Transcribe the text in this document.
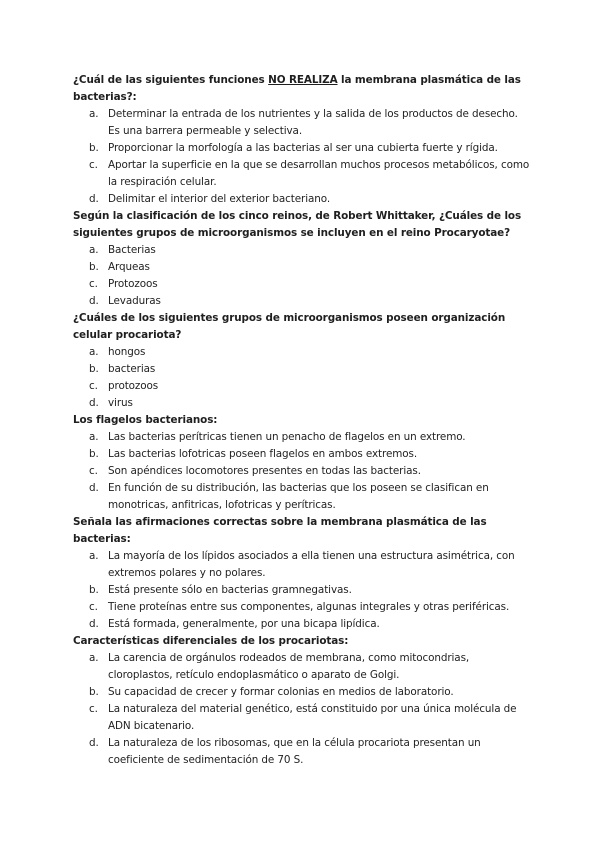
¿Cuál de las siguientes funciones NO REALIZA la membrana plasmática de las bacterias?:
a. Determinar la entrada de los nutrientes y la salida de los productos de desecho. Es una barrera permeable y selectiva.
b. Proporcionar la morfología a las bacterias al ser una cubierta fuerte y rígida.
c. Aportar la superficie en la que se desarrollan muchos procesos metabólicos, como la respiración celular.
d. Delimitar el interior del exterior bacteriano.
Según la clasificación de los cinco reinos, de Robert Whittaker, ¿Cuáles de los siguientes grupos de microorganismos se incluyen en el reino Procaryotae?
a. Bacterias
b. Arqueas
c. Protozoos
d. Levaduras
¿Cuáles de los siguientes grupos de microorganismos poseen organización celular procariota?
a. hongos
b. bacterias
c. protozoos
d. virus
Los flagelos bacterianos:
a. Las bacterias perítricas tienen un penacho de flagelos en un extremo.
b. Las bacterias lofotricas poseen flagelos en ambos extremos.
c. Son apéndices locomotores presentes en todas las bacterias.
d. En función de su distribución, las bacterias que los poseen se clasifican en monotricas, anfitricas, lofotricas y perítricas.
Señala las afirmaciones correctas sobre la membrana plasmática de las bacterias:
a. La mayoría de los lípidos asociados a ella tienen una estructura asimétrica, con extremos polares y no polares.
b. Está presente sólo en bacterias gramnegativas.
c. Tiene proteínas entre sus componentes, algunas integrales y otras periféricas.
d. Está formada, generalmente, por una bicapa lipídica.
Características diferenciales de los procariotas:
a. La carencia de orgánulos rodeados de membrana, como mitocondrias, cloroplastos, retículo endoplasmático o aparato de Golgi.
b. Su capacidad de crecer y formar colonias en medios de laboratorio.
c. La naturaleza del material genético, está constituido por una única molécula de ADN bicatenario.
d. La naturaleza de los ribosomas, que en la célula procariota presentan un coeficiente de sedimentación de 70 S.
